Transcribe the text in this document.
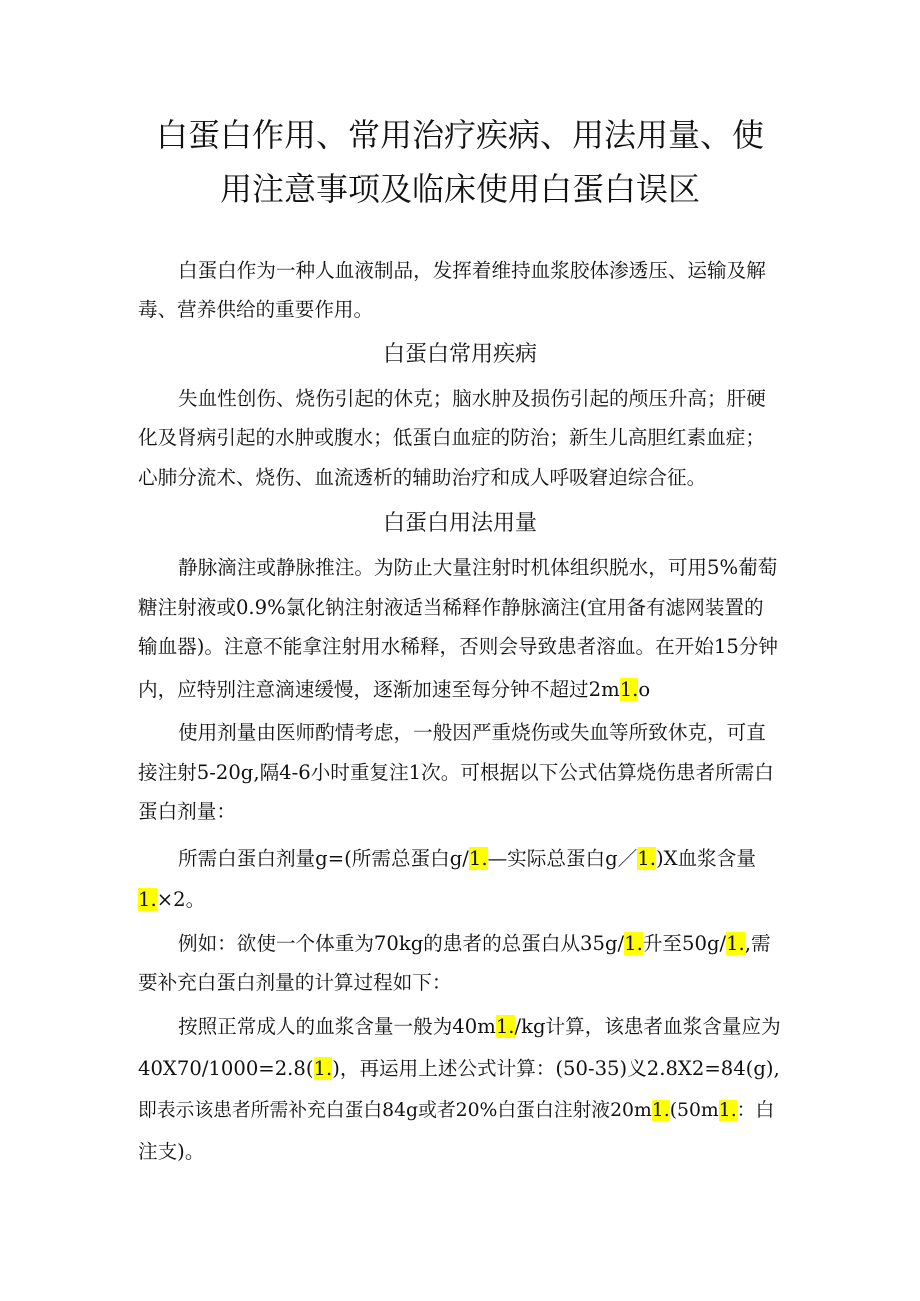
白蛋白作用、常用治疗疾病、用法用量、使
用注意事项及临床使用白蛋白误区
白蛋白作为一种人血液制品，发挥着维持血浆胶体渗透压、运输及解
毒、营养供给的重要作用。
白蛋白常用疾病
失血性创伤、烧伤引起的休克；脑水肿及损伤引起的颅压升高；肝硬
化及肾病引起的水肿或腹水；低蛋白血症的防治；新生儿高胆红素血症；
心肺分流术、烧伤、血流透析的辅助治疗和成人呼吸窘迫综合征。
白蛋白用法用量
静脉滴注或静脉推注。为防止大量注射时机体组织脱水，可用5%葡萄
糖注射液或0.9%氯化钠注射液适当稀释作静脉滴注(宜用备有滤网装置的
输血器)。注意不能拿注射用水稀释，否则会导致患者溶血。在开始15分钟
内，应特别注意滴速缓慢，逐渐加速至每分钟不超过2m1.o
使用剂量由医师酌情考虑，一般因严重烧伤或失血等所致休克，可直
接注射5-20g,隔4-6小时重复注1次。可根据以下公式估算烧伤患者所需白
蛋白剂量：
所需白蛋白剂量g=(所需总蛋白g/1.—实际总蛋白g／1.)X血浆含量
1.×2。
例如：欲使一个体重为70kg的患者的总蛋白从35g/1.升至50g/1.,需
要补充白蛋白剂量的计算过程如下：
按照正常成人的血浆含量一般为40m1./kg计算，该患者血浆含量应为
40X70/1000=2.8(1.)，再运用上述公式计算：(50-35)义2.8X2=84(g),
即表示该患者所需补充白蛋白84g或者20%白蛋白注射液20m1.(50m1.：白
注支)。
